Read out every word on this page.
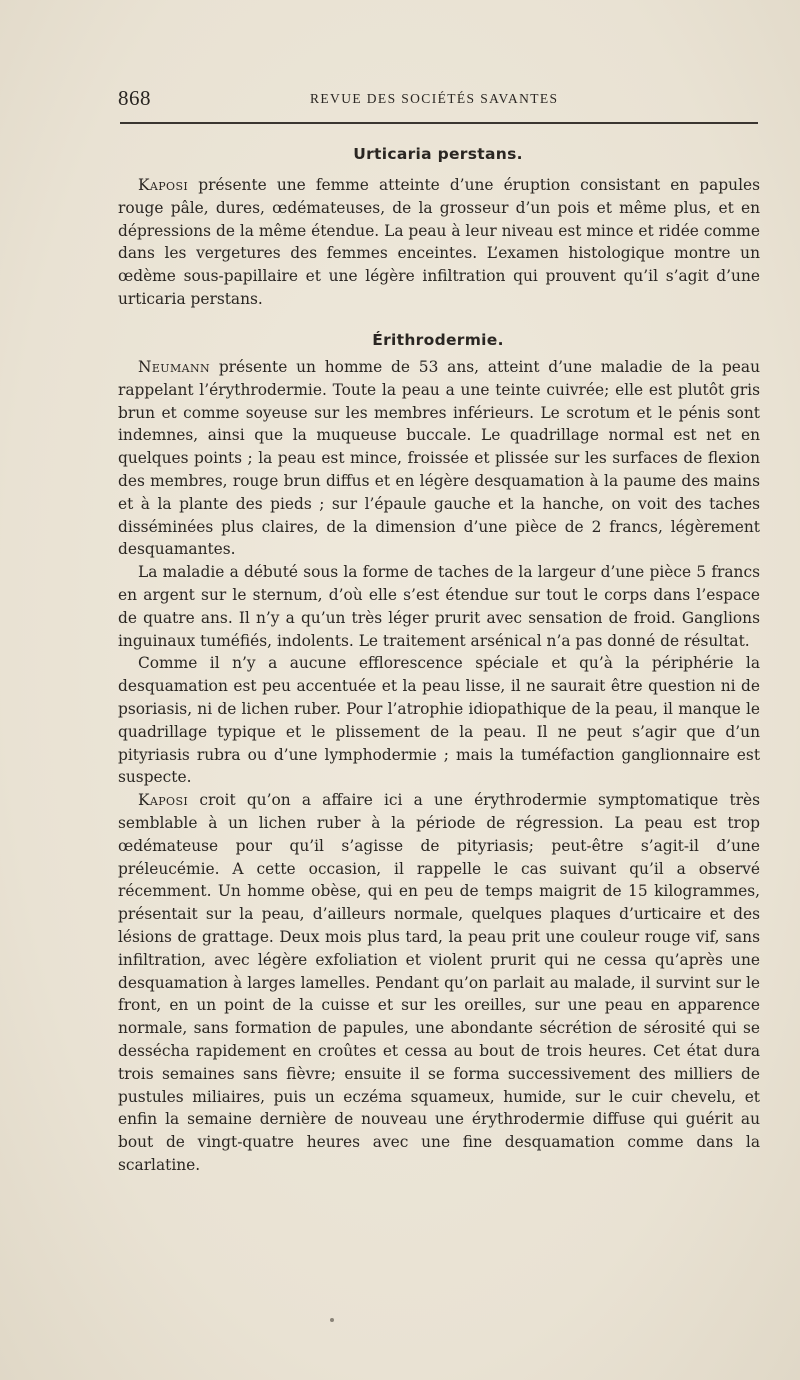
868	REVUE DES SOCIÉTÉS SAVANTES
Urticaria perstans.

Kaposi présente une femme atteinte d’une éruption consistant en papules rouge pâle, dures, œdémateuses, de la grosseur d’un pois et même plus, et en dépressions de la même étendue. La peau à leur niveau est mince et ridée comme dans les vergetures des femmes enceintes. L’examen histologique montre un œdème sous-papillaire et une légère infiltration qui prouvent qu’il s’agit d’une urticaria perstans.

Érithrodermie.

Neumann présente un homme de 53 ans, atteint d’une maladie de la peau rappelant l’érythrodermie. Toute la peau a une teinte cuivrée; elle est plutôt gris brun et comme soyeuse sur les membres inférieurs. Le scrotum et le pénis sont indemnes, ainsi que la muqueuse buccale. Le quadrillage normal est net en quelques points ; la peau est mince, froissée et plissée sur les surfaces de flexion des membres, rouge brun diffus et en légère desquamation à la paume des mains et à la plante des pieds ; sur l’épaule gauche et la hanche, on voit des taches disséminées plus claires, de la dimension d’une pièce de 2 francs, légèrement desquamantes.

La maladie a débuté sous la forme de taches de la largeur d’une pièce 5 francs en argent sur le sternum, d’où elle s’est étendue sur tout le corps dans l’espace de quatre ans. Il n’y a qu’un très léger prurit avec sensation de froid. Ganglions inguinaux tuméfiés, indolents. Le traitement arsénical n’a pas donné de résultat.

Comme il n’y a aucune efflorescence spéciale et qu’à la périphérie la desquamation est peu accentuée et la peau lisse, il ne saurait être question ni de psoriasis, ni de lichen ruber. Pour l’atrophie idiopathique de la peau, il manque le quadrillage typique et le plissement de la peau. Il ne peut s’agir que d’un pityriasis rubra ou d’une lymphodermie ; mais la tuméfaction ganglionnaire est suspecte.

Kaposi croit qu’on a affaire ici a une érythrodermie symptomatique très semblable à un lichen ruber à la période de régression. La peau est trop œdémateuse pour qu’il s’agisse de pityriasis; peut-être s’agit-il d’une préleucémie. A cette occasion, il rappelle le cas suivant qu’il a observé récemment. Un homme obèse, qui en peu de temps maigrit de 15 kilogrammes, présentait sur la peau, d’ailleurs normale, quelques plaques d’urticaire et des lésions de grattage. Deux mois plus tard, la peau prit une couleur rouge vif, sans infiltration, avec légère exfoliation et violent prurit qui ne cessa qu’après une desquamation à larges lamelles. Pendant qu’on parlait au malade, il survint sur le front, en un point de la cuisse et sur les oreilles, sur une peau en apparence normale, sans formation de papules, une abondante sécrétion de sérosité qui se dessécha rapidement en croûtes et cessa au bout de trois heures. Cet état dura trois semaines sans fièvre; ensuite il se forma successivement des milliers de pustules miliaires, puis un eczéma squameux, humide, sur le cuir chevelu, et enfin la semaine dernière de nouveau une érythrodermie diffuse qui guérit au bout de vingt-quatre heures avec une fine desquamation comme dans la scarlatine.
